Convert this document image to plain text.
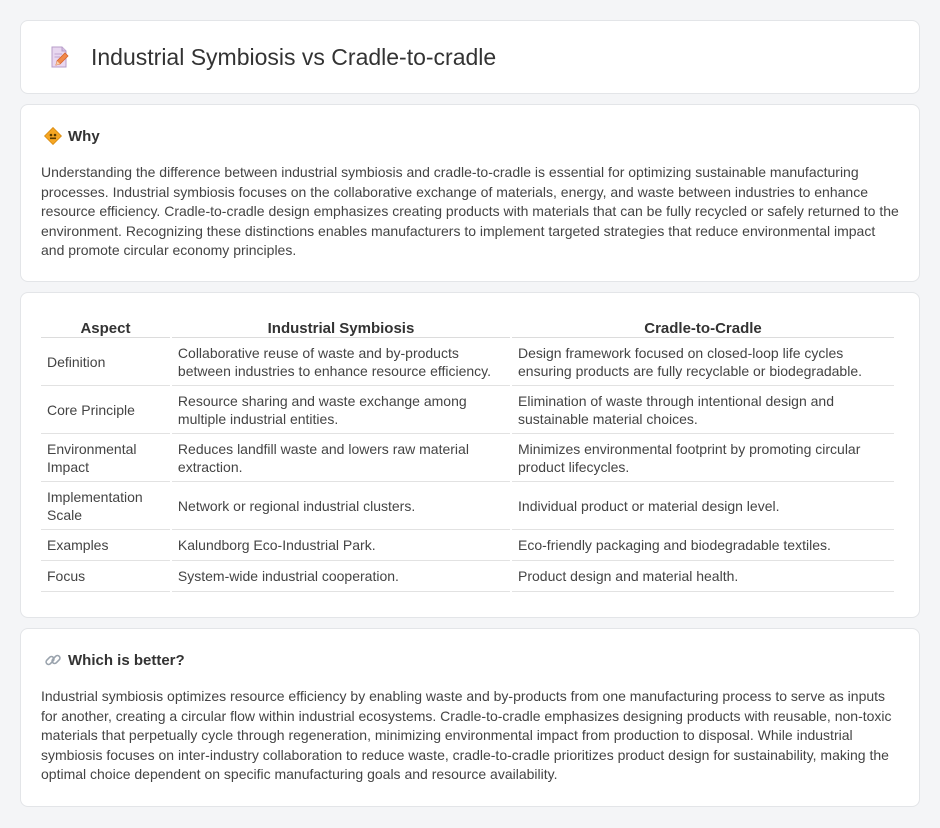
Industrial Symbiosis vs Cradle-to-cradle
Why

Understanding the difference between industrial symbiosis and cradle-to-cradle is essential for optimizing sustainable manufacturing processes. Industrial symbiosis focuses on the collaborative exchange of materials, energy, and waste between industries to enhance resource efficiency. Cradle-to-cradle design emphasizes creating products with materials that can be fully recycled or safely returned to the environment. Recognizing these distinctions enables manufacturers to implement targeted strategies that reduce environmental impact and promote circular economy principles.

Aspect	Industrial Symbiosis	Cradle-to-Cradle
Definition	Collaborative reuse of waste and by-products between industries to enhance resource efficiency.	Design framework focused on closed-loop life cycles ensuring products are fully recyclable or biodegradable.
Core Principle	Resource sharing and waste exchange among multiple industrial entities.	Elimination of waste through intentional design and sustainable material choices.
Environmental Impact	Reduces landfill waste and lowers raw material extraction.	Minimizes environmental footprint by promoting circular product lifecycles.
Implementation Scale	Network or regional industrial clusters.	Individual product or material design level.
Examples	Kalundborg Eco-Industrial Park.	Eco-friendly packaging and biodegradable textiles.
Focus	System-wide industrial cooperation.	Product design and material health.
Which is better?

Industrial symbiosis optimizes resource efficiency by enabling waste and by-products from one manufacturing process to serve as inputs for another, creating a circular flow within industrial ecosystems. Cradle-to-cradle emphasizes designing products with reusable, non-toxic materials that perpetually cycle through regeneration, minimizing environmental impact from production to disposal. While industrial symbiosis focuses on inter-industry collaboration to reduce waste, cradle-to-cradle prioritizes product design for sustainability, making the optimal choice dependent on specific manufacturing goals and resource availability.
